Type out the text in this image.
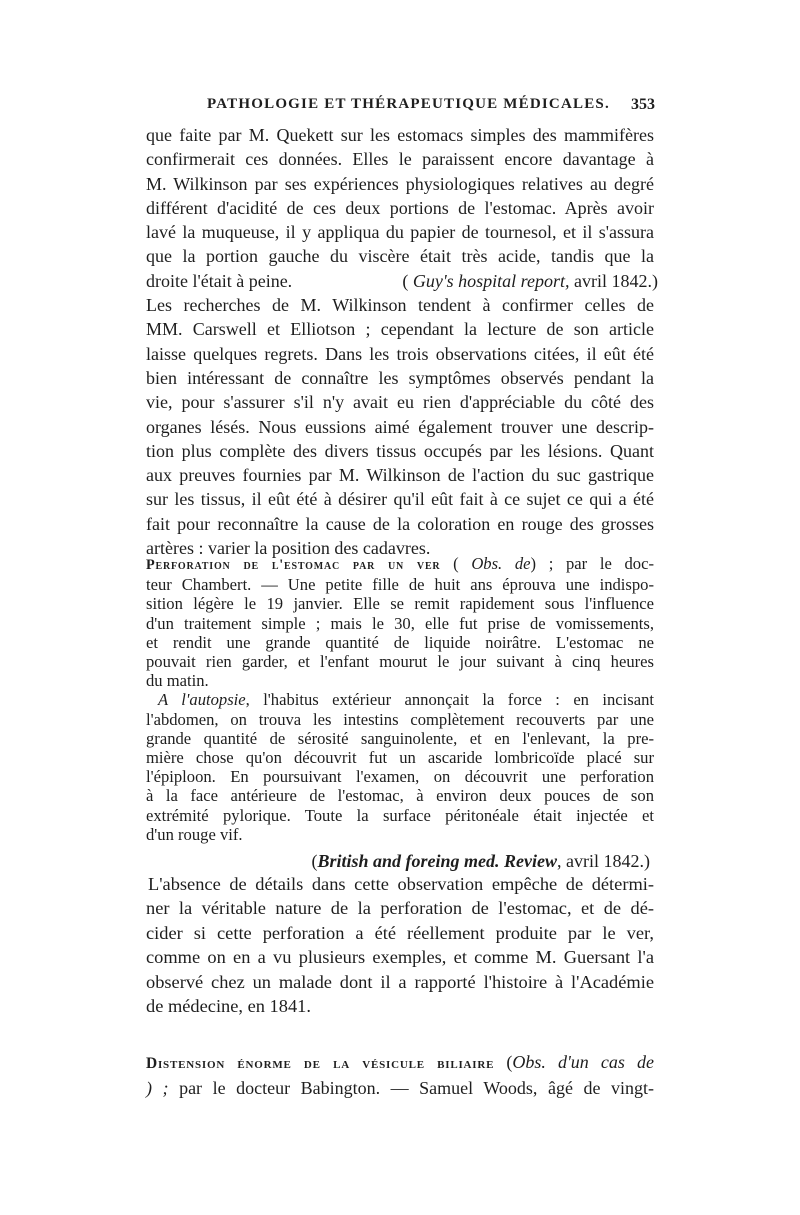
PATHOLOGIE ET THÉRAPEUTIQUE MÉDICALES. 353

que faite par M. Quekett sur les estomacs simples des mammifères
confirmerait ces données. Elles le paraissent encore davantage à
M. Wilkinson par ses expériences physiologiques relatives au degré
différent d'acidité de ces deux portions de l'estomac. Après avoir
lavé la muqueuse, il y appliqua du papier de tournesol, et il s'assura
que la portion gauche du viscère était très acide, tandis que la
droite l'était à peine.	( Guy's hospital report, avril 1842.)

Les recherches de M. Wilkinson tendent à confirmer celles de
MM. Carswell et Elliotson ; cependant la lecture de son article
laisse quelques regrets. Dans les trois observations citées, il eût été
bien intéressant de connaître les symptômes observés pendant la
vie, pour s'assurer s'il n'y avait eu rien d'appréciable du côté des
organes lésés. Nous eussions aimé également trouver une descrip-
tion plus complète des divers tissus occupés par les lésions. Quant
aux preuves fournies par M. Wilkinson de l'action du suc gastrique
sur les tissus, il eût été à désirer qu'il eût fait à ce sujet ce qui a été
fait pour reconnaître la cause de la coloration en rouge des grosses
artères : varier la position des cadavres.

Perforation de l'estomac par un ver ( Obs. de) ; par le doc-
teur Chambert. — Une petite fille de huit ans éprouva une indispo-
sition légère le 19 janvier. Elle se remit rapidement sous l'influence
d'un traitement simple ; mais le 30, elle fut prise de vomissements,
et rendit une grande quantité de liquide noirâtre. L'estomac ne
pouvait rien garder, et l'enfant mourut le jour suivant à cinq heures
du matin.

A l'autopsie, l'habitus extérieur annonçait la force : en incisant
l'abdomen, on trouva les intestins complètement recouverts par une
grande quantité de sérosité sanguinolente, et en l'enlevant, la pre-
mière chose qu'on découvrit fut un ascaride lombricoïde placé sur
l'épiploon. En poursuivant l'examen, on découvrit une perforation
à la face antérieure de l'estomac, à environ deux pouces de son
extrémité pylorique. Toute la surface péritonéale était injectée et
d'un rouge vif.
(British and foreing med. Review, avril 1842.)

L'absence de détails dans cette observation empêche de détermi-
ner la véritable nature de la perforation de l'estomac, et de dé-
cider si cette perforation a été réellement produite par le ver,
comme on en a vu plusieurs exemples, et comme M. Guersant l'a
observé chez un malade dont il a rapporté l'histoire à l'Académie
de médecine, en 1841.

Distension énorme de la vésicule biliaire (Obs. d'un cas de
) ; par le docteur Babington. — Samuel Woods, âgé de vingt-
